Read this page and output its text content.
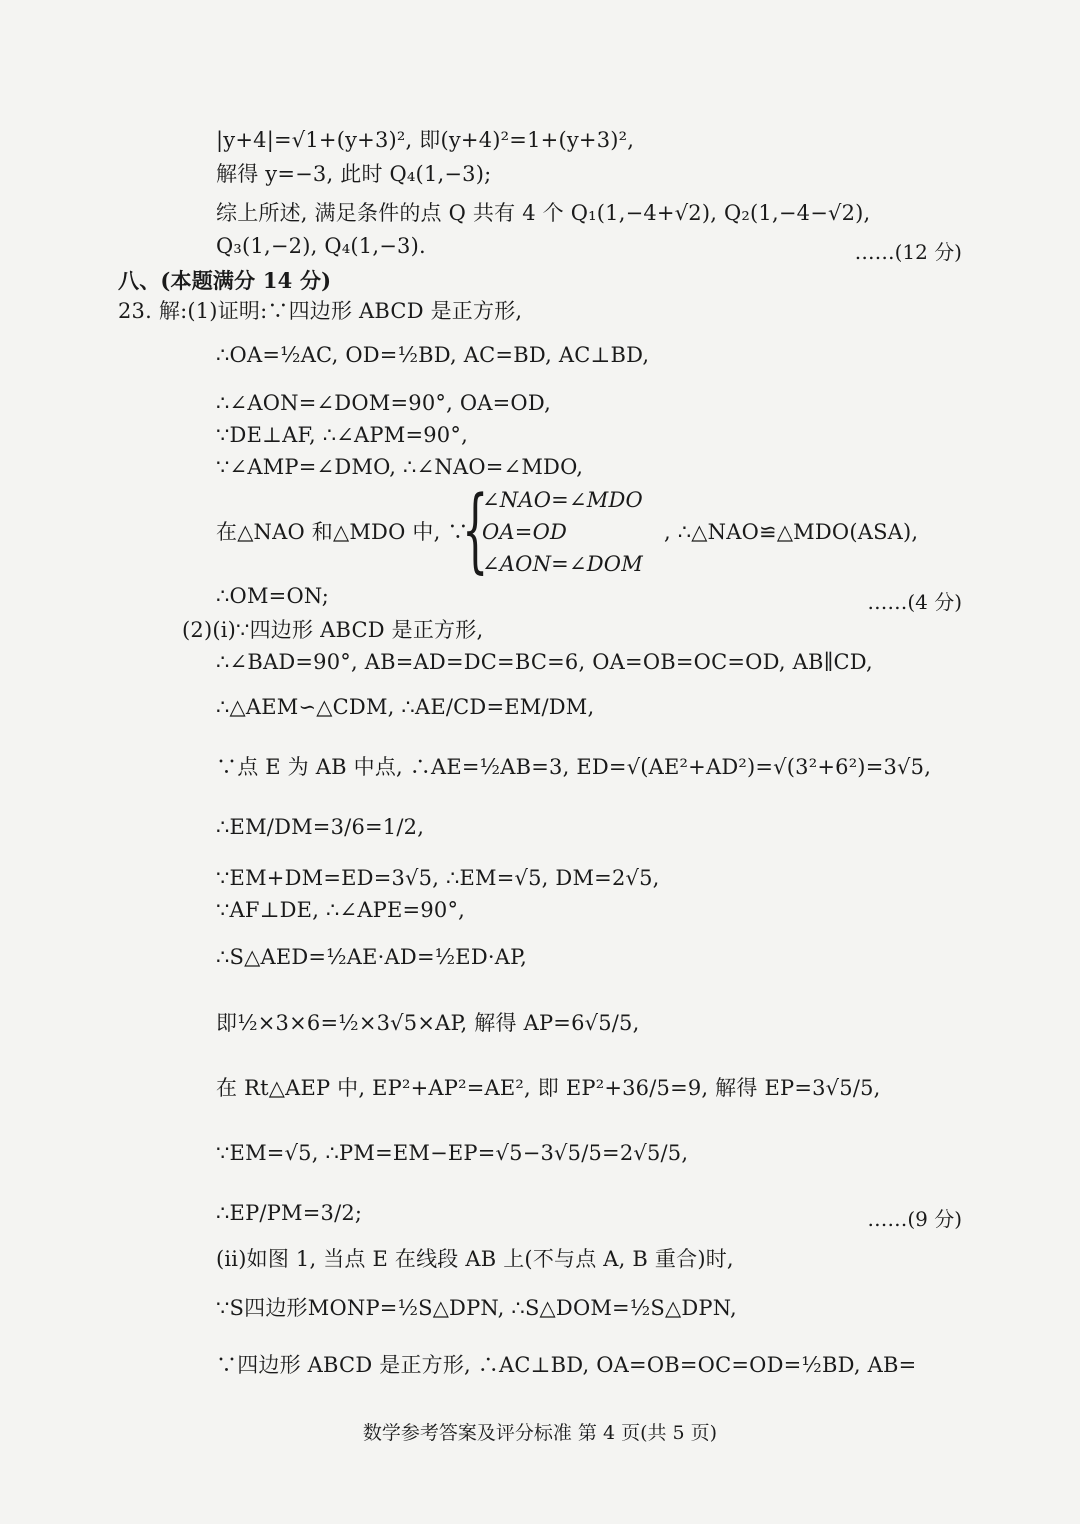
|y+4|=√1+(y+3)², 即(y+4)²=1+(y+3)²,
解得 y=−3, 此时 Q₄(1,−3);
综上所述, 满足条件的点 Q 共有 4 个 Q₁(1,−4+√2), Q₂(1,−4−√2),
Q₃(1,−2), Q₄(1,−3).	……(12 分)
八、(本题满分 14 分)
23. 解:(1)证明:∵四边形 ABCD 是正方形,
∴OA=½AC, OD=½BD, AC=BD, AC⊥BD,
∴∠AON=∠DOM=90°, OA=OD,
∵DE⊥AF, ∴∠APM=90°,
∵∠AMP=∠DMO, ∴∠NAO=∠MDO,
在△NAO 和△MDO 中, ∵
{
∠NAO=∠MDO
OA=OD
∠AON=∠DOM
, ∴△NAO≌△MDO(ASA),
∴OM=ON;	……(4 分)
(2)(i)∵四边形 ABCD 是正方形,
∴∠BAD=90°, AB=AD=DC=BC=6, OA=OB=OC=OD, AB∥CD,
∴△AEM∽△CDM, ∴AE/CD=EM/DM,
∵点 E 为 AB 中点, ∴AE=½AB=3, ED=√(AE²+AD²)=√(3²+6²)=3√5,
∴EM/DM=3/6=1/2,
∵EM+DM=ED=3√5, ∴EM=√5, DM=2√5,
∵AF⊥DE, ∴∠APE=90°,
∴S△AED=½AE·AD=½ED·AP,
即½×3×6=½×3√5×AP, 解得 AP=6√5/5,
在 Rt△AEP 中, EP²+AP²=AE², 即 EP²+36/5=9, 解得 EP=3√5/5,
∵EM=√5, ∴PM=EM−EP=√5−3√5/5=2√5/5,
∴EP/PM=3/2;	……(9 分)
(ii)如图 1, 当点 E 在线段 AB 上(不与点 A, B 重合)时,
∵S四边形MONP=½S△DPN, ∴S△DOM=½S△DPN,
∵四边形 ABCD 是正方形, ∴AC⊥BD, OA=OB=OC=OD=½BD, AB=
数学参考答案及评分标准 第 4 页(共 5 页)
